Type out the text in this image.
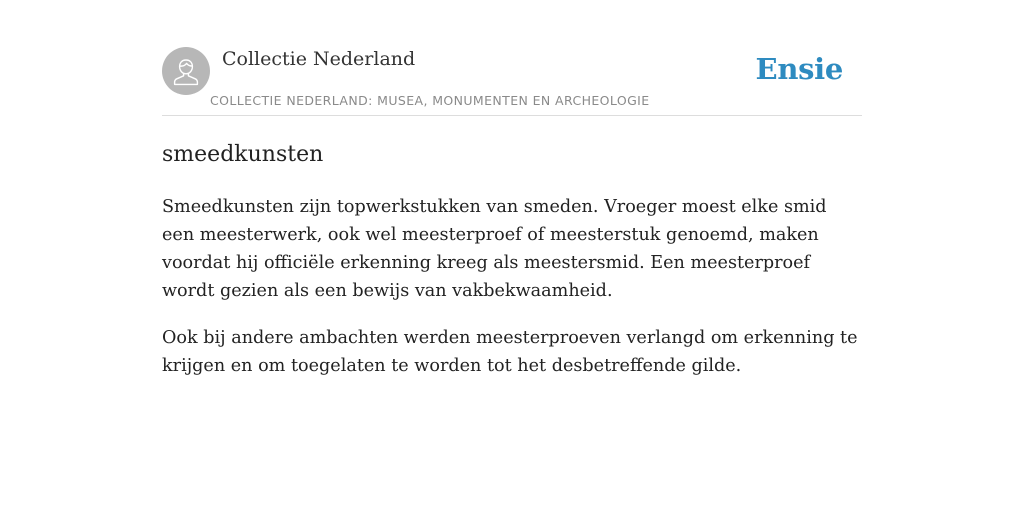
Collectie Nederland
COLLECTIE NEDERLAND: MUSEA, MONUMENTEN EN ARCHEOLOGIE
Ensie
smeedkunsten

Smeedkunsten zijn topwerkstukken van smeden. Vroeger moest elke smid een meesterwerk, ook wel meesterproef of meesterstuk genoemd, maken voordat hij officiële erkenning kreeg als meestersmid. Een meesterproef wordt gezien als een bewijs van vakbekwaamheid.

Ook bij andere ambachten werden meesterproeven verlangd om erkenning te krijgen en om toegelaten te worden tot het desbetreffende gilde.
